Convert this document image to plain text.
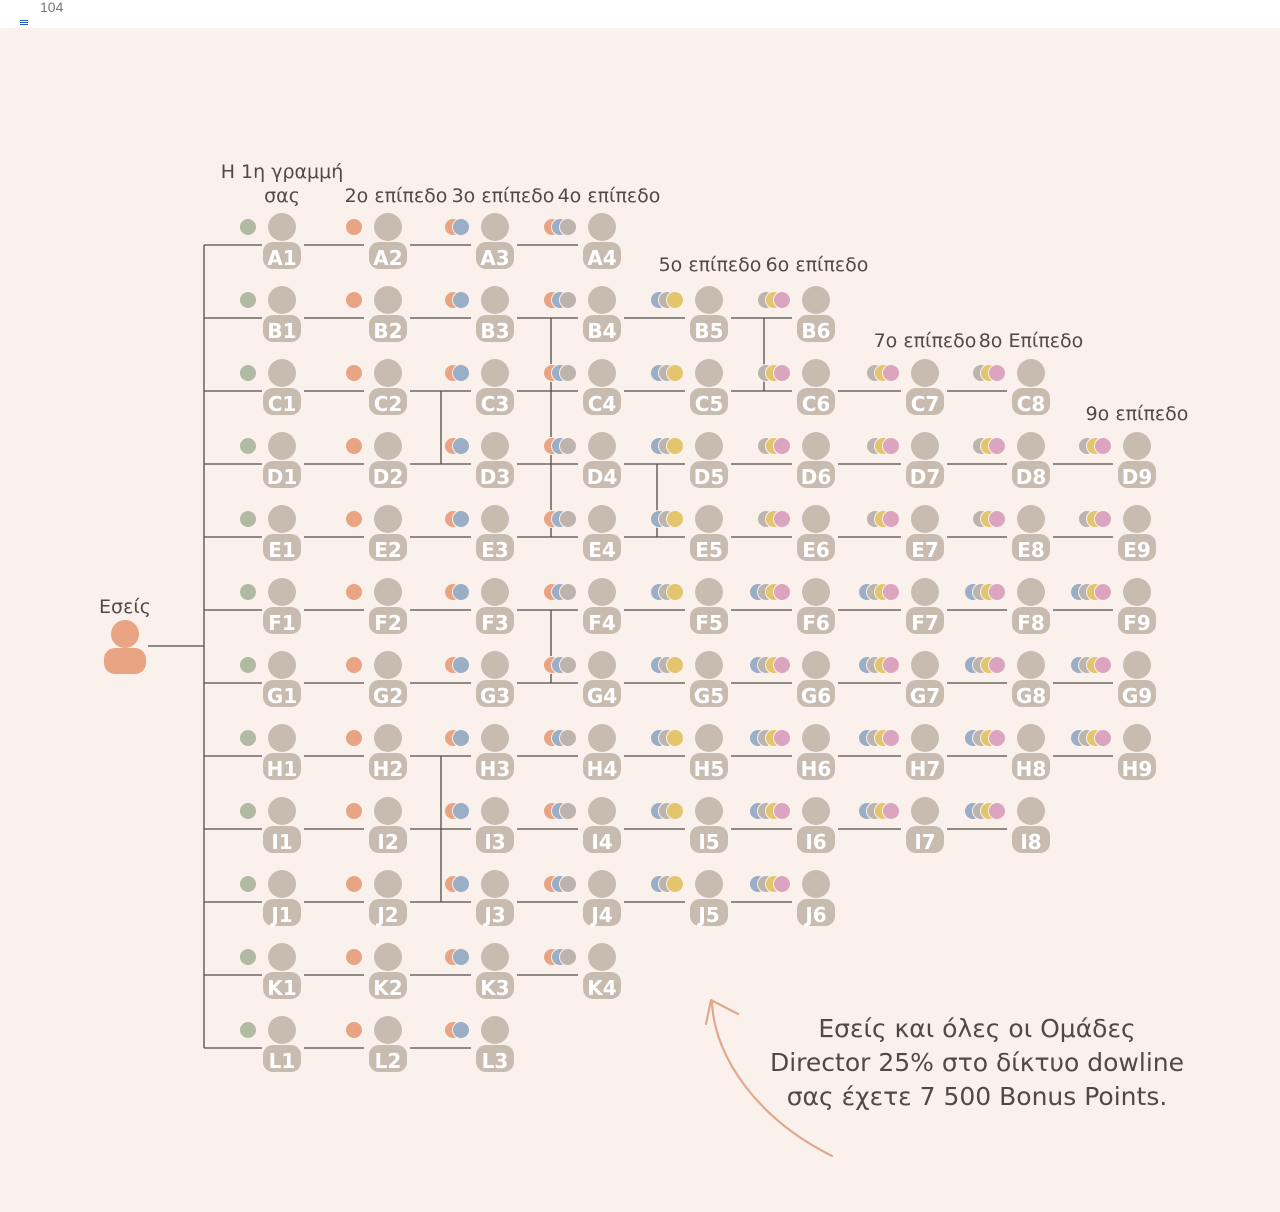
104
A1	A2	A3	A4
B1	B2	B3	B4	B5	B6
C1	C2	C3	C4	C5	C6	C7	C8
D1	D2	D3	D4	D5	D6	D7	D8	D9
E1	E2	E3	E4	E5	E6	E7	E8	E9
F1	F2	F3	F4	F5	F6	F7	F8	F9
G1	G2	G3	G4	G5	G6	G7	G8	G9
H1	H2	H3	H4	H5	H6	H7	H8	H9
I1	I2	I3	I4	I5	I6	I7	I8
J1	J2	J3	J4	J5	J6
K1	K2	K3	K4
L1	L2	L3
Η 1η γραμμή
σας 2ο επίπεδο 3ο επίπεδο 4ο επίπεδο
5ο επίπεδο 6ο επίπεδο
7ο επίπεδο 8ο Επίπεδο
9ο επίπεδο
Εσείς
Εσείς και όλες οι Ομάδες
Director 25% στο δίκτυο dowline
σας έχετε 7 500 Bonus Points.
